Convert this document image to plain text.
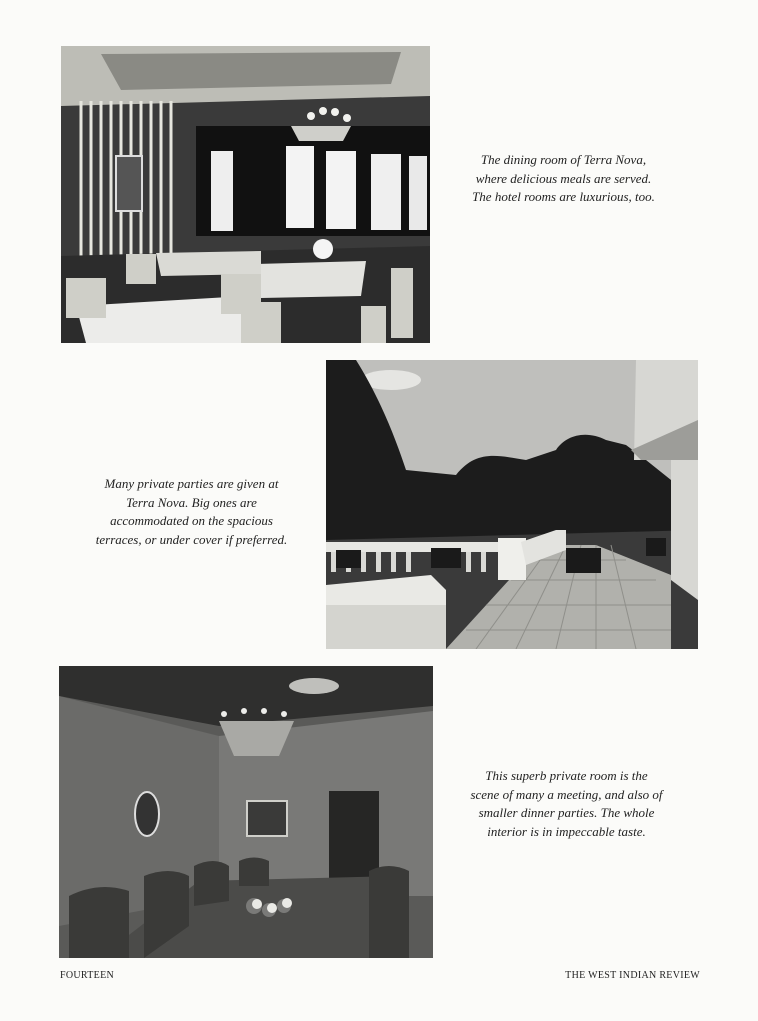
The dining room of Terra Nova, where delicious meals are served. The hotel rooms are luxurious, too.
Many private parties are given at Terra Nova. Big ones are accommodated on the spacious terraces, or under cover if preferred.
This superb private room is the scene of many a meeting, and also of smaller dinner parties. The whole interior is in impeccable taste.
FOURTEEN	THE WEST INDIAN REVIEW
